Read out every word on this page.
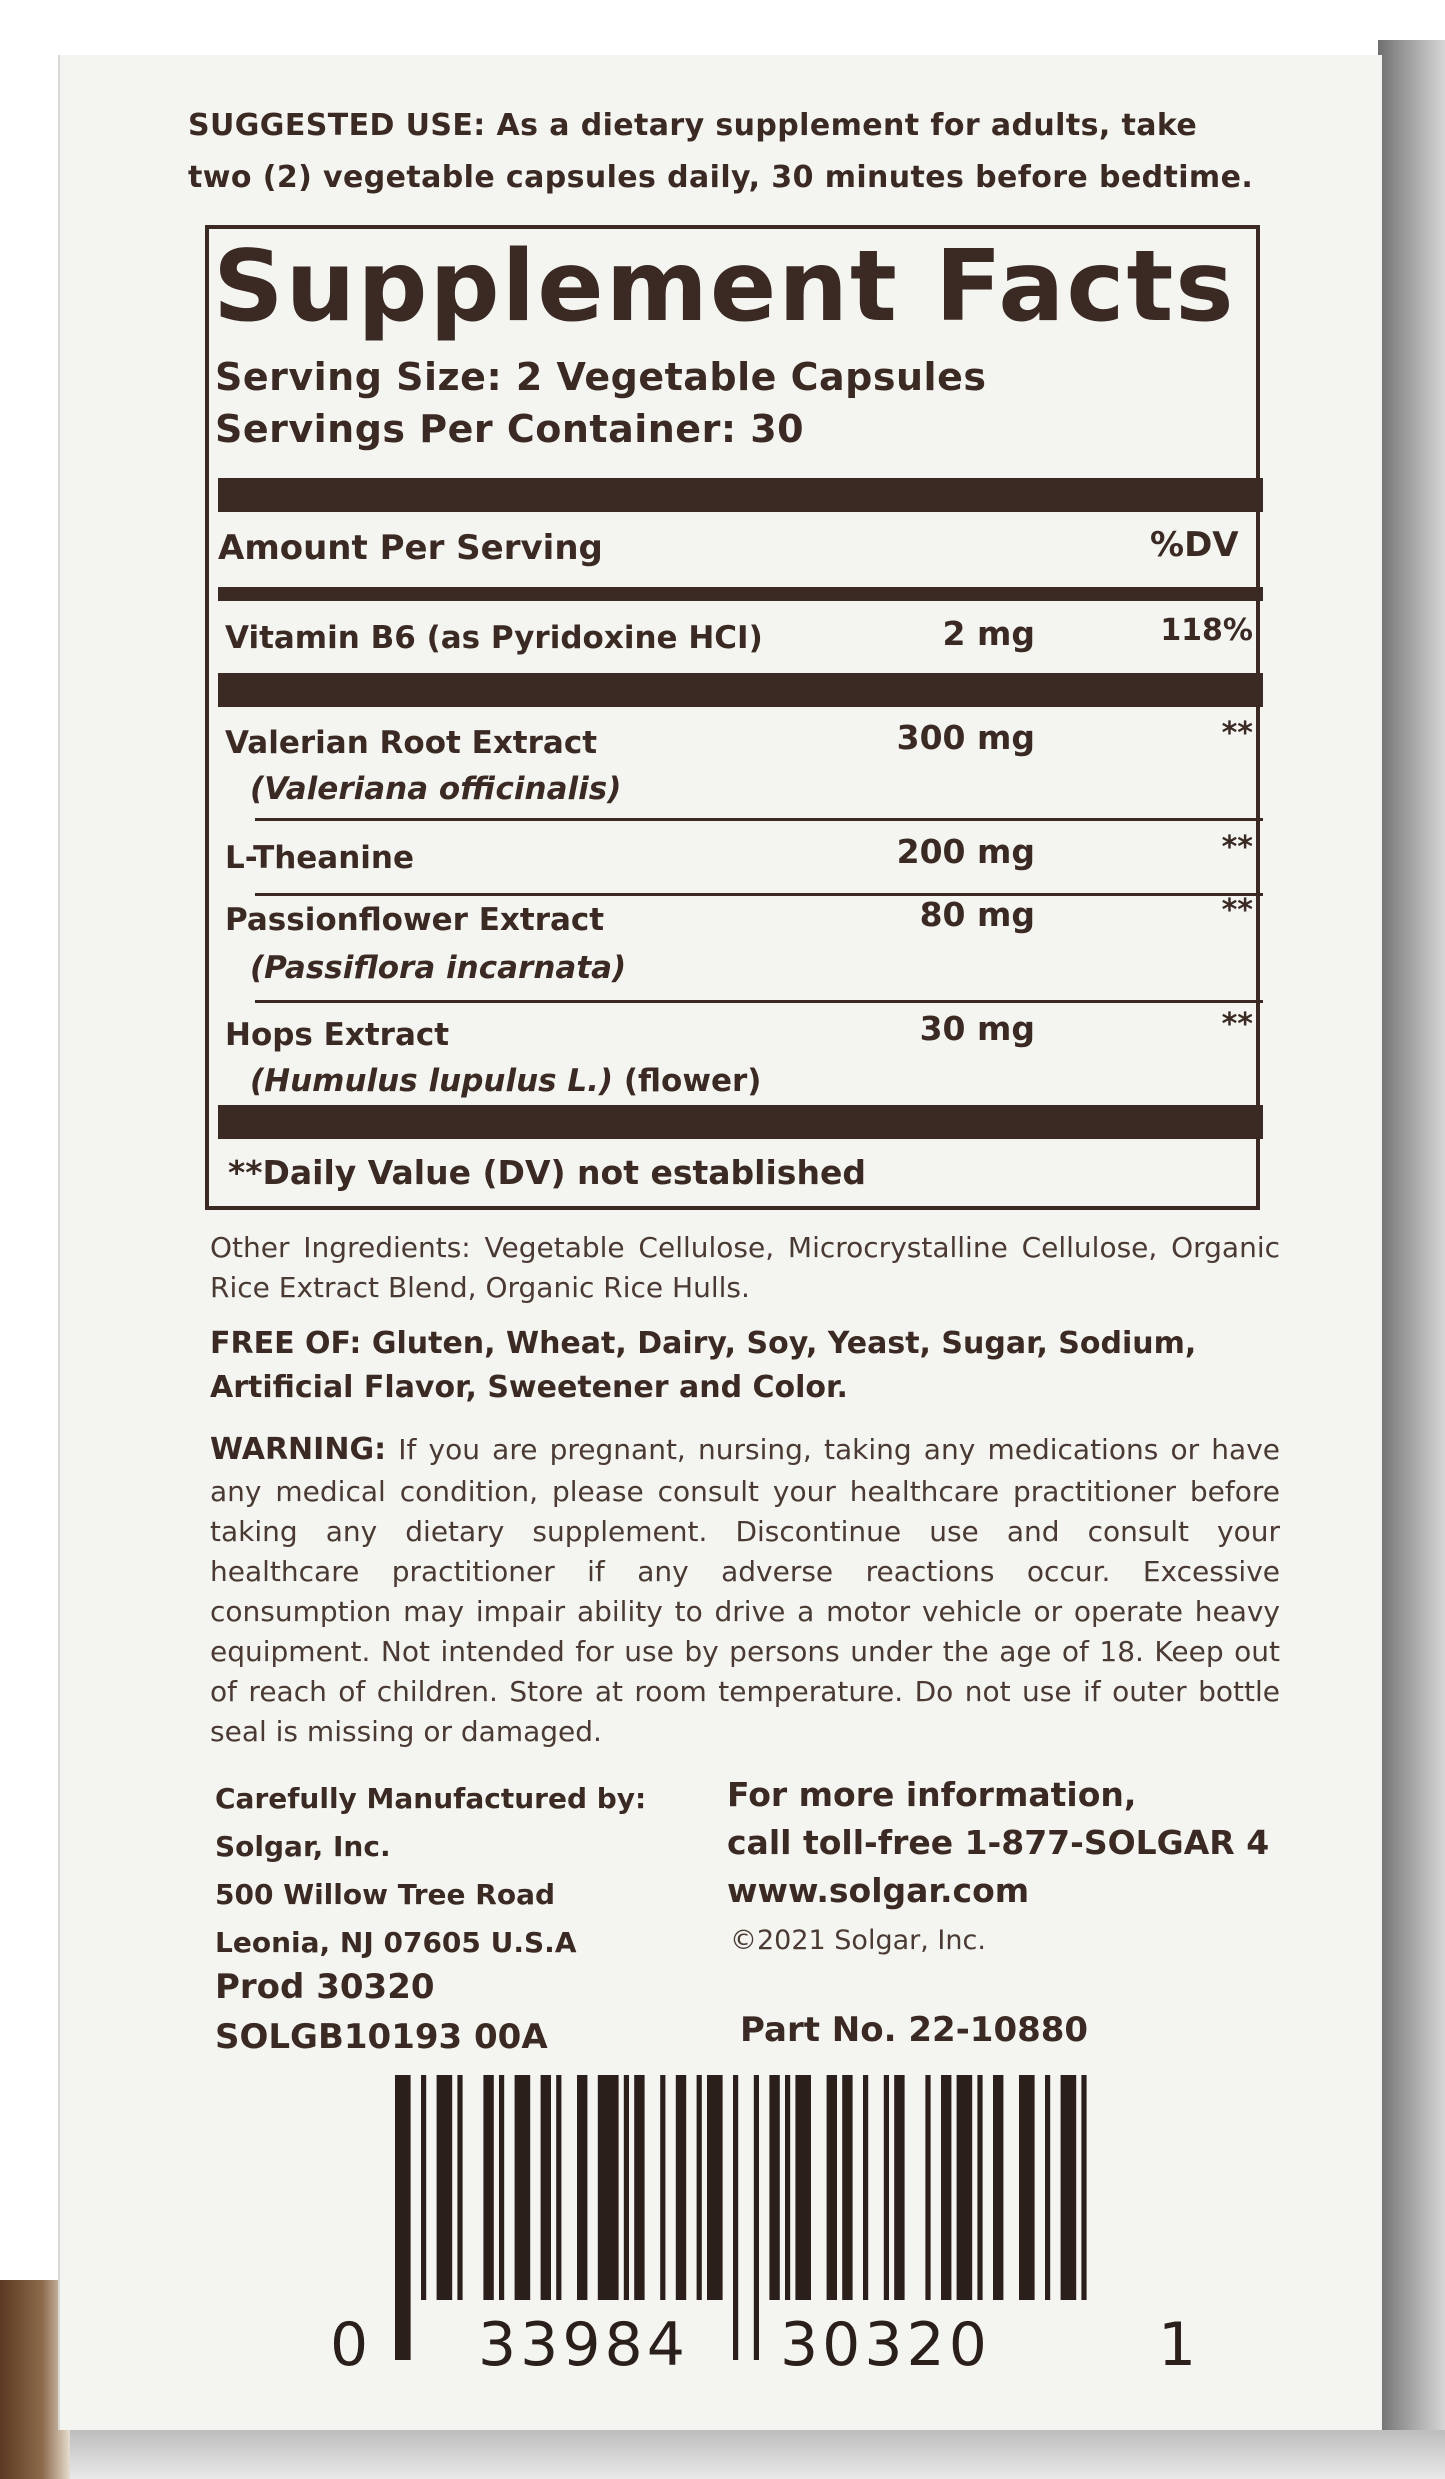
SUGGESTED USE: As a dietary supplement for adults, take two (2) vegetable capsules daily, 30 minutes before bedtime.
Supplement Facts
Serving Size: 2 Vegetable Capsules
Servings Per Container: 30
Amount Per Serving	%DV
Vitamin B6 (as Pyridoxine HCI)	2 mg	118%
Valerian Root Extract
(Valeriana officinalis)
300 mg	**
L-Theanine	200 mg	**
Passionflower Extract
(Passiflora incarnata)
80 mg	**
Hops Extract
(Humulus lupulus L.) (flower)
30 mg	**
**Daily Value (DV) not established
Other Ingredients: Vegetable Cellulose, Microcrystalline Cellulose, Organic Rice Extract Blend, Organic Rice Hulls.
FREE OF: Gluten, Wheat, Dairy, Soy, Yeast, Sugar, Sodium, Artificial Flavor, Sweetener and Color.
WARNING: If you are pregnant, nursing, taking any medications or have any medical condition, please consult your healthcare practitioner before taking any dietary supplement. Discontinue use and consult your healthcare practitioner if any adverse reactions occur. Excessive consumption may impair ability to drive a motor vehicle or operate heavy equipment. Not intended for use by persons under the age of 18. Keep out of reach of children. Store at room temperature. Do not use if outer bottle seal is missing or damaged.
Carefully Manufactured by:
Solgar, Inc.
500 Willow Tree Road
Leonia, NJ 07605 U.S.A
For more information,
call toll-free 1-877-SOLGAR 4
www.solgar.com
©2021 Solgar, Inc.
Prod 30320
SOLGB10193 00A	Part No. 22-10880
0 33984 30320	1
